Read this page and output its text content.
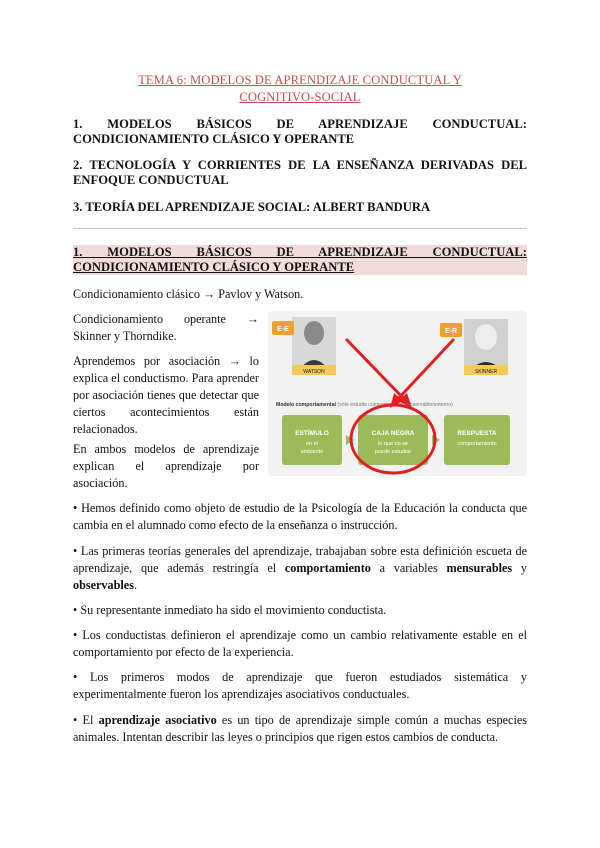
TEMA 6: MODELOS DE APRENDIZAJE CONDUCTUAL Y
COGNITIVO-SOCIAL
1. MODELOS BÁSICOS DE APRENDIZAJE CONDUCTUAL:
CONDICIONAMIENTO CLÁSICO Y OPERANTE
2. TECNOLOGÍA Y CORRIENTES DE LA ENSEÑANZA DERIVADAS DEL
ENFOQUE CONDUCTUAL
3. TEORÍA DEL APRENDIZAJE SOCIAL: ALBERT BANDURA
1. MODELOS BÁSICOS DE APRENDIZAJE CONDUCTUAL:
CONDICIONAMIENTO CLÁSICO Y OPERANTE
Condicionamiento clásico → Pavlov y Watson.
Condicionamiento operante →
Skinner y Thorndike.
Aprendemos por asociación → lo
explica el conductismo. Para aprender
por asociación tienes que detectar que
ciertos acontecimientos están
relacionados.
En ambos modelos de aprendizaje
explican el aprendizaje por
asociación.
WATSON
E-E
SKINNER
E-R
Modelo comportamental (sólo estudia comportamiento observable/externo)
ESTÍMULO
en el
ambiente
CAJA NEGRA
lo que no se
puede estudiar
RESPUESTA
comportamiento
• Hemos definido como objeto de estudio de la Psicología de la Educación la conducta que cambia en el alumnado como efecto de la enseñanza o instrucción.
• Las primeras teorías generales del aprendizaje, trabajaban sobre esta definición escueta de aprendizaje, que además restringía el comportamiento a variables mensurables y observables.
• Su representante inmediato ha sido el movimiento conductista.
• Los conductistas definieron el aprendizaje como un cambio relativamente estable en el comportamiento por efecto de la experiencia.
• Los primeros modos de aprendizaje que fueron estudiados sistemática y experimentalmente fueron los aprendizajes asociativos conductuales.
• El aprendizaje asociativo es un tipo de aprendizaje simple común a muchas especies animales. Intentan describir las leyes o principios que rigen estos cambios de conducta.
